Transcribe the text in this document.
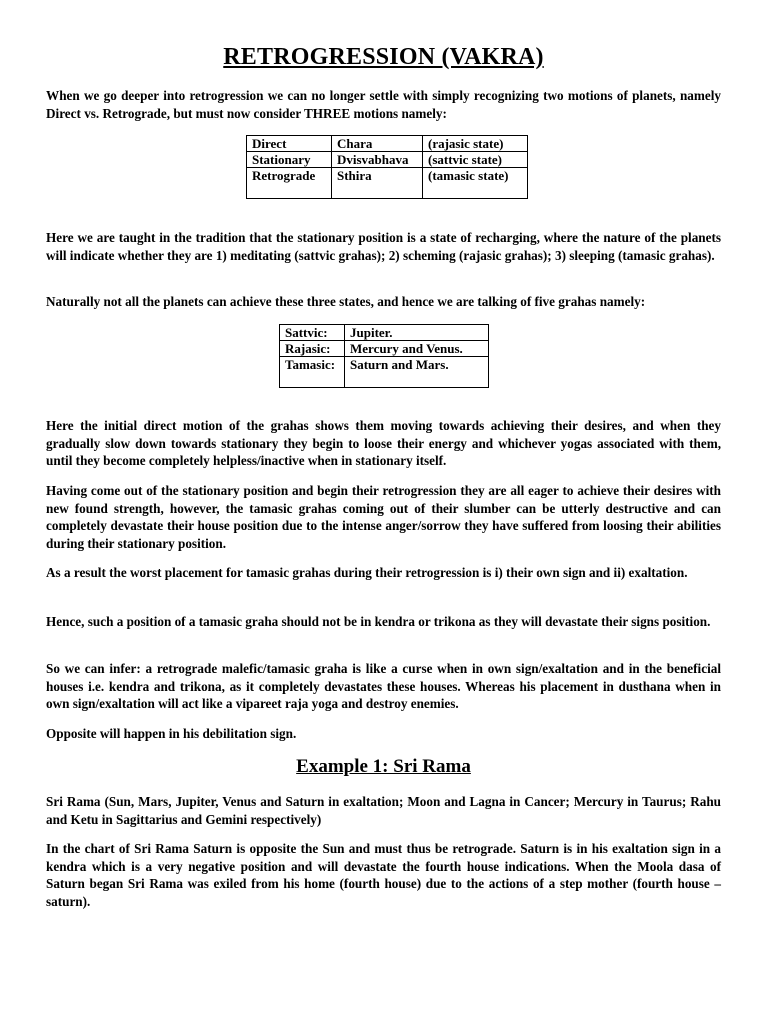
RETROGRESSION (VAKRA)

When we go deeper into retrogression we can no longer settle with simply recognizing two motions of planets, namely Direct vs. Retrograde, but must now consider THREE motions namely:

Direct	Chara	(rajasic state)
Stationary	Dvisvabhava	(sattvic state)
Retrograde	Sthira	(tamasic state)

Here we are taught in the tradition that the stationary position is a state of recharging, where the nature of the planets will indicate whether they are 1) meditating (sattvic grahas); 2) scheming (rajasic grahas); 3) sleeping (tamasic grahas).

Naturally not all the planets can achieve these three states, and hence we are talking of five grahas namely:

Sattvic:	Jupiter.
Rajasic:	Mercury and Venus.
Tamasic:	Saturn and Mars.

Here the initial direct motion of the grahas shows them moving towards achieving their desires, and when they gradually slow down towards stationary they begin to loose their energy and whichever yogas associated with them, until they become completely helpless/inactive when in stationary itself.

Having come out of the stationary position and begin their retrogression they are all eager to achieve their desires with new found strength, however, the tamasic grahas coming out of their slumber can be utterly destructive and can completely devastate their house position due to the intense anger/sorrow they have suffered from loosing their abilities during their stationary position.

As a result the worst placement for tamasic grahas during their retrogression is i) their own sign and ii) exaltation.

Hence, such a position of a tamasic graha should not be in kendra or trikona as they will devastate their signs position.

So we can infer: a retrograde malefic/tamasic graha is like a curse when in own sign/exaltation and in the beneficial houses i.e. kendra and trikona, as it completely devastates these houses. Whereas his placement in dusthana when in own sign/exaltation will act like a vipareet raja yoga and destroy enemies.

Opposite will happen in his debilitation sign.

Example 1: Sri Rama

Sri Rama (Sun, Mars, Jupiter, Venus and Saturn in exaltation; Moon and Lagna in Cancer; Mercury in Taurus; Rahu and Ketu in Sagittarius and Gemini respectively)

In the chart of Sri Rama Saturn is opposite the Sun and must thus be retrograde. Saturn is in his exaltation sign in a kendra which is a very negative position and will devastate the fourth house indications. When the Moola dasa of Saturn began Sri Rama was exiled from his home (fourth house) due to the actions of a step mother (fourth house – saturn).
